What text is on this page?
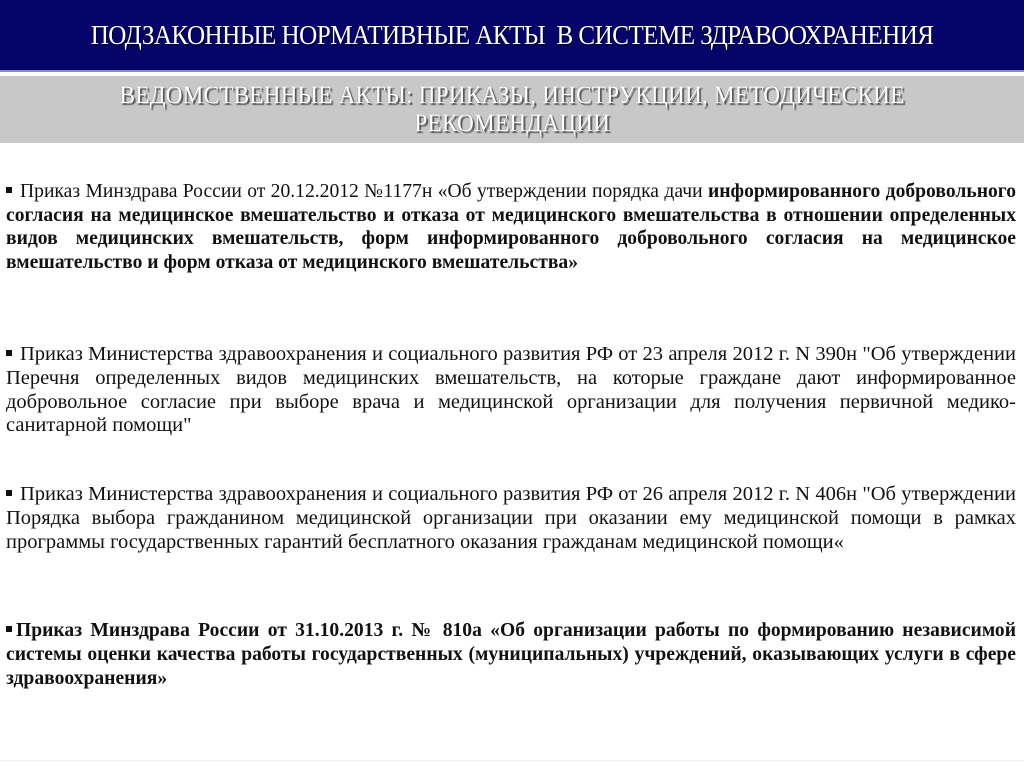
ПОДЗАКОННЫЕ НОРМАТИВНЫЕ АКТЫ  В СИСТЕМЕ ЗДРАВООХРАНЕНИЯ
ВЕДОМСТВЕННЫЕ АКТЫ: ПРИКАЗЫ, ИНСТРУКЦИИ, МЕТОДИЧЕСКИЕ
РЕКОМЕНДАЦИИ

Приказ Минздрава России от 20.12.2012 №1177н «Об утверждении порядка дачи информированного добровольного согласия на медицинское вмешательство и отказа от медицинского вмешательства в отношении определенных видов медицинских вмешательств, форм информированного добровольного согласия на медицинское вмешательство и форм отказа от медицинского вмешательства»

Приказ Министерства здравоохранения и социального развития РФ от 23 апреля 2012 г. N 390н "Об утверждении Перечня определенных видов медицинских вмешательств, на которые граждане дают информированное добровольное согласие при выборе врача и медицинской организации для получения первичной медико-санитарной помощи"

Приказ Министерства здравоохранения и социального развития РФ от 26 апреля 2012 г. N 406н "Об утверждении Порядка выбора гражданином медицинской организации при оказании ему медицинской помощи в рамках программы государственных гарантий бесплатного оказания гражданам медицинской помощи«

Приказ Минздрава России от 31.10.2013 г. № 810а «Об организации работы по формированию независимой системы оценки качества работы государственных (муниципальных) учреждений, оказывающих услуги в сфере здравоохранения»
